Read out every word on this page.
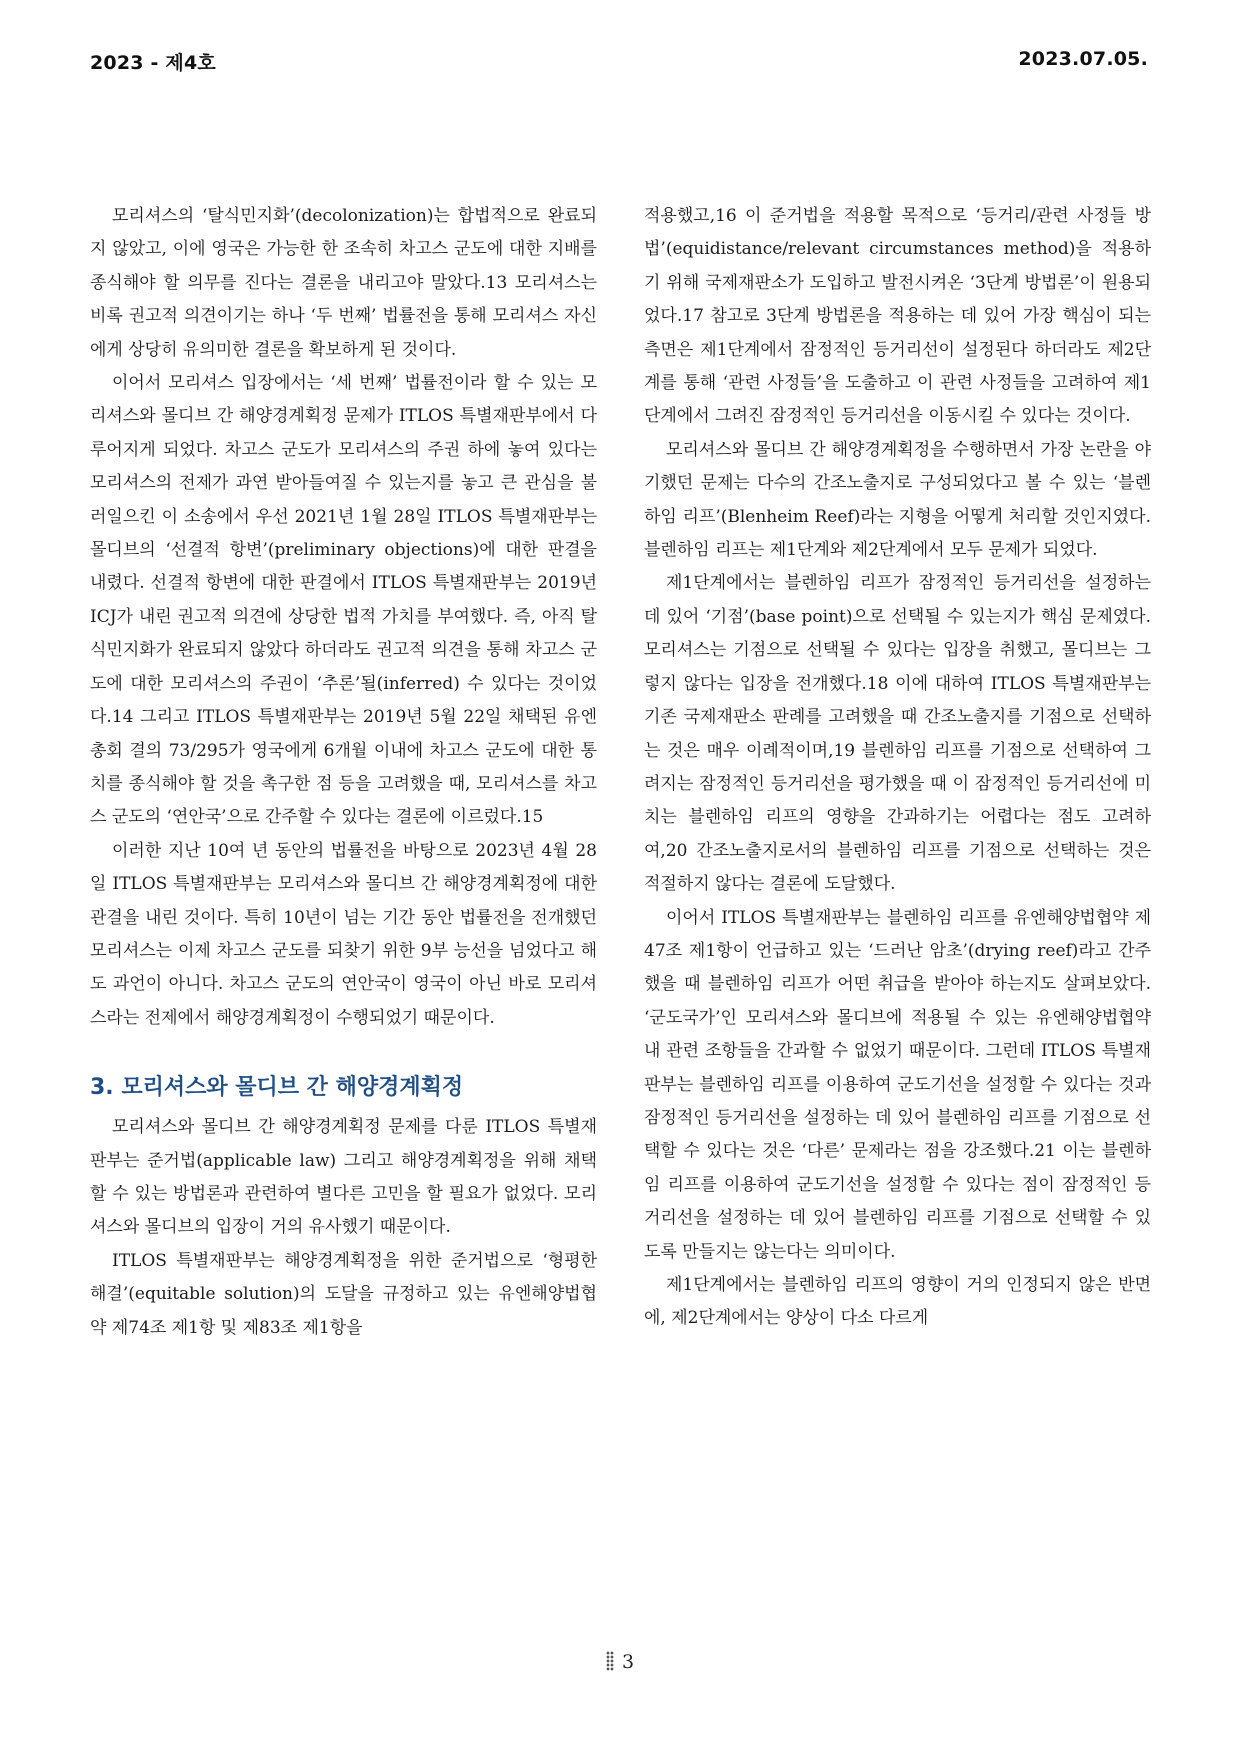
2023 - 제4호	2023.07.05.

모리셔스의 ‘탈식민지화’(decolonization)는 합법적으로 완료되지 않았고, 이에 영국은 가능한 한 조속히 차고스 군도에 대한 지배를 종식해야 할 의무를 진다는 결론을 내리고야 말았다.13 모리셔스는 비록 권고적 의견이기는 하나 ‘두 번째’ 법률전을 통해 모리셔스 자신에게 상당히 유의미한 결론을 확보하게 된 것이다.

이어서 모리셔스 입장에서는 ‘세 번째’ 법률전이라 할 수 있는 모리셔스와 몰디브 간 해양경계획정 문제가 ITLOS 특별재판부에서 다루어지게 되었다. 차고스 군도가 모리셔스의 주권 하에 놓여 있다는 모리셔스의 전제가 과연 받아들여질 수 있는지를 놓고 큰 관심을 불러일으킨 이 소송에서 우선 2021년 1월 28일 ITLOS 특별재판부는 몰디브의 ‘선결적 항변’(preliminary objections)에 대한 판결을 내렸다. 선결적 항변에 대한 판결에서 ITLOS 특별재판부는 2019년 ICJ가 내린 권고적 의견에 상당한 법적 가치를 부여했다. 즉, 아직 탈식민지화가 완료되지 않았다 하더라도 권고적 의견을 통해 차고스 군도에 대한 모리셔스의 주권이 ‘추론’될(inferred) 수 있다는 것이었다.14 그리고 ITLOS 특별재판부는 2019년 5월 22일 채택된 유엔 총회 결의 73/295가 영국에게 6개월 이내에 차고스 군도에 대한 통치를 종식해야 할 것을 촉구한 점 등을 고려했을 때, 모리셔스를 차고스 군도의 ‘연안국’으로 간주할 수 있다는 결론에 이르렀다.15

이러한 지난 10여 년 동안의 법률전을 바탕으로 2023년 4월 28일 ITLOS 특별재판부는 모리셔스와 몰디브 간 해양경계획정에 대한 관결을 내린 것이다. 특히 10년이 넘는 기간 동안 법률전을 전개했던 모리셔스는 이제 차고스 군도를 되찾기 위한 9부 능선을 넘었다고 해도 과언이 아니다. 차고스 군도의 연안국이 영국이 아닌 바로 모리셔스라는 전제에서 해양경계획정이 수행되었기 때문이다.

3. 모리셔스와 몰디브 간 해양경계획정

모리셔스와 몰디브 간 해양경계획정 문제를 다룬 ITLOS 특별재판부는 준거법(applicable law) 그리고 해양경계획정을 위해 채택할 수 있는 방법론과 관련하여 별다른 고민을 할 필요가 없었다. 모리셔스와 몰디브의 입장이 거의 유사했기 때문이다.

ITLOS 특별재판부는 해양경계획정을 위한 준거법으로 ‘형평한 해결’(equitable solution)의 도달을 규정하고 있는 유엔해양법협약 제74조 제1항 및 제83조 제1항을

적용했고,16 이 준거법을 적용할 목적으로 ‘등거리/관련 사정들 방법’(equidistance/relevant circumstances method)을 적용하기 위해 국제재판소가 도입하고 발전시켜온 ‘3단계 방법론’이 원용되었다.17 참고로 3단계 방법론을 적용하는 데 있어 가장 핵심이 되는 측면은 제1단계에서 잠정적인 등거리선이 설정된다 하더라도 제2단계를 통해 ‘관련 사정들’을 도출하고 이 관련 사정들을 고려하여 제1단계에서 그려진 잠정적인 등거리선을 이동시킬 수 있다는 것이다.

모리셔스와 몰디브 간 해양경계획정을 수행하면서 가장 논란을 야기했던 문제는 다수의 간조노출지로 구성되었다고 볼 수 있는 ‘블렌하임 리프’(Blenheim Reef)라는 지형을 어떻게 처리할 것인지였다. 블렌하임 리프는 제1단계와 제2단계에서 모두 문제가 되었다.

제1단계에서는 블렌하임 리프가 잠정적인 등거리선을 설정하는 데 있어 ‘기점’(base point)으로 선택될 수 있는지가 핵심 문제였다. 모리셔스는 기점으로 선택될 수 있다는 입장을 취했고, 몰디브는 그렇지 않다는 입장을 전개했다.18 이에 대하여 ITLOS 특별재판부는 기존 국제재판소 판례를 고려했을 때 간조노출지를 기점으로 선택하는 것은 매우 이례적이며,19 블렌하임 리프를 기점으로 선택하여 그려지는 잠정적인 등거리선을 평가했을 때 이 잠정적인 등거리선에 미치는 블렌하임 리프의 영향을 간과하기는 어렵다는 점도 고려하여,20 간조노출지로서의 블렌하임 리프를 기점으로 선택하는 것은 적절하지 않다는 결론에 도달했다.

이어서 ITLOS 특별재판부는 블렌하임 리프를 유엔해양법협약 제47조 제1항이 언급하고 있는 ‘드러난 암초’(drying reef)라고 간주했을 때 블렌하임 리프가 어떤 취급을 받아야 하는지도 살펴보았다. ‘군도국가’인 모리셔스와 몰디브에 적용될 수 있는 유엔해양법협약 내 관련 조항들을 간과할 수 없었기 때문이다. 그런데 ITLOS 특별재판부는 블렌하임 리프를 이용하여 군도기선을 설정할 수 있다는 것과 잠정적인 등거리선을 설정하는 데 있어 블렌하임 리프를 기점으로 선택할 수 있다는 것은 ‘다른’ 문제라는 점을 강조했다.21 이는 블렌하임 리프를 이용하여 군도기선을 설정할 수 있다는 점이 잠정적인 등거리선을 설정하는 데 있어 블렌하임 리프를 기점으로 선택할 수 있도록 만들지는 않는다는 의미이다.

제1단계에서는 블렌하임 리프의 영향이 거의 인정되지 않은 반면에, 제2단계에서는 양상이 다소 다르게

3
